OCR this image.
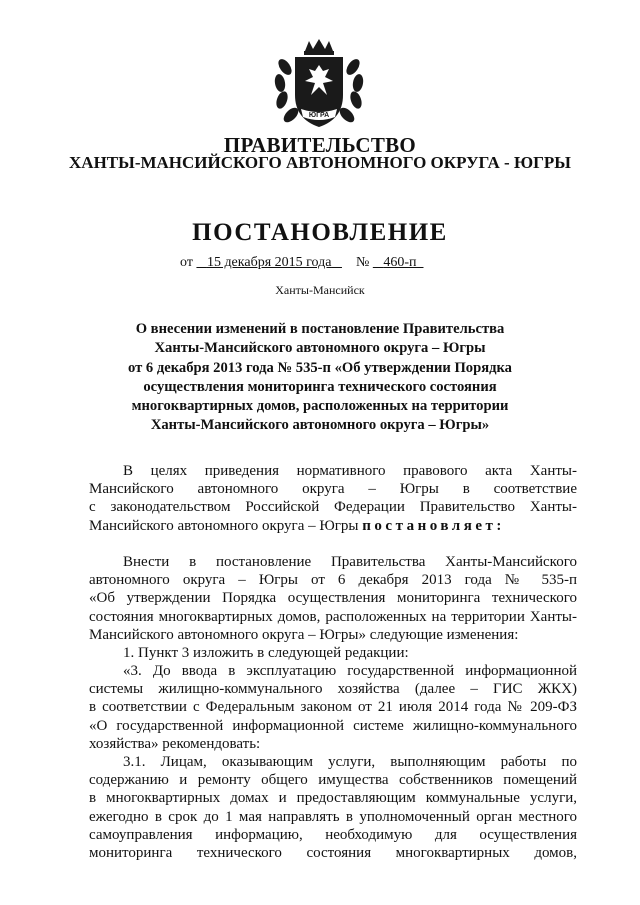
ЮГРА
ПРАВИТЕЛЬСТВО
ХАНТЫ-МАНСИЙСКОГО АВТОНОМНОГО ОКРУГА - ЮГРЫ
ПОСТАНОВЛЕНИЕ
от 15 декабря 2015 года № 460-п
Ханты-Мансийск
О внесении изменений в постановление Правительства
Ханты-Мансийского автономного округа – Югры
от 6 декабря 2013 года № 535-п «Об утверждении Порядка
осуществления мониторинга технического состояния
многоквартирных домов, расположенных на территории
Ханты-Мансийского автономного округа – Югры»
В целях приведения нормативного правового акта Ханты-
Мансийского автономного округа – Югры в соответствие
с законодательством Российской Федерации Правительство Ханты-
Мансийского автономного округа – Югры постановляет:
Внести в постановление Правительства Ханты-Мансийского
автономного округа – Югры от 6 декабря 2013 года № 535-п
«Об утверждении Порядка осуществления мониторинга технического
состояния многоквартирных домов, расположенных на территории Ханты-
Мансийского автономного округа – Югры» следующие изменения:
1. Пункт 3 изложить в следующей редакции:
«3. До ввода в эксплуатацию государственной информационной
системы жилищно-коммунального хозяйства (далее – ГИС ЖКХ)
в соответствии с Федеральным законом от 21 июля 2014 года № 209-ФЗ
«О государственной информационной системе жилищно-коммунального
хозяйства» рекомендовать:
3.1. Лицам, оказывающим услуги, выполняющим работы по
содержанию и ремонту общего имущества собственников помещений
в многоквартирных домах и предоставляющим коммунальные услуги,
ежегодно в срок до 1 мая направлять в уполномоченный орган местного
самоуправления информацию, необходимую для осуществления
мониторинга технического состояния многоквартирных домов,
